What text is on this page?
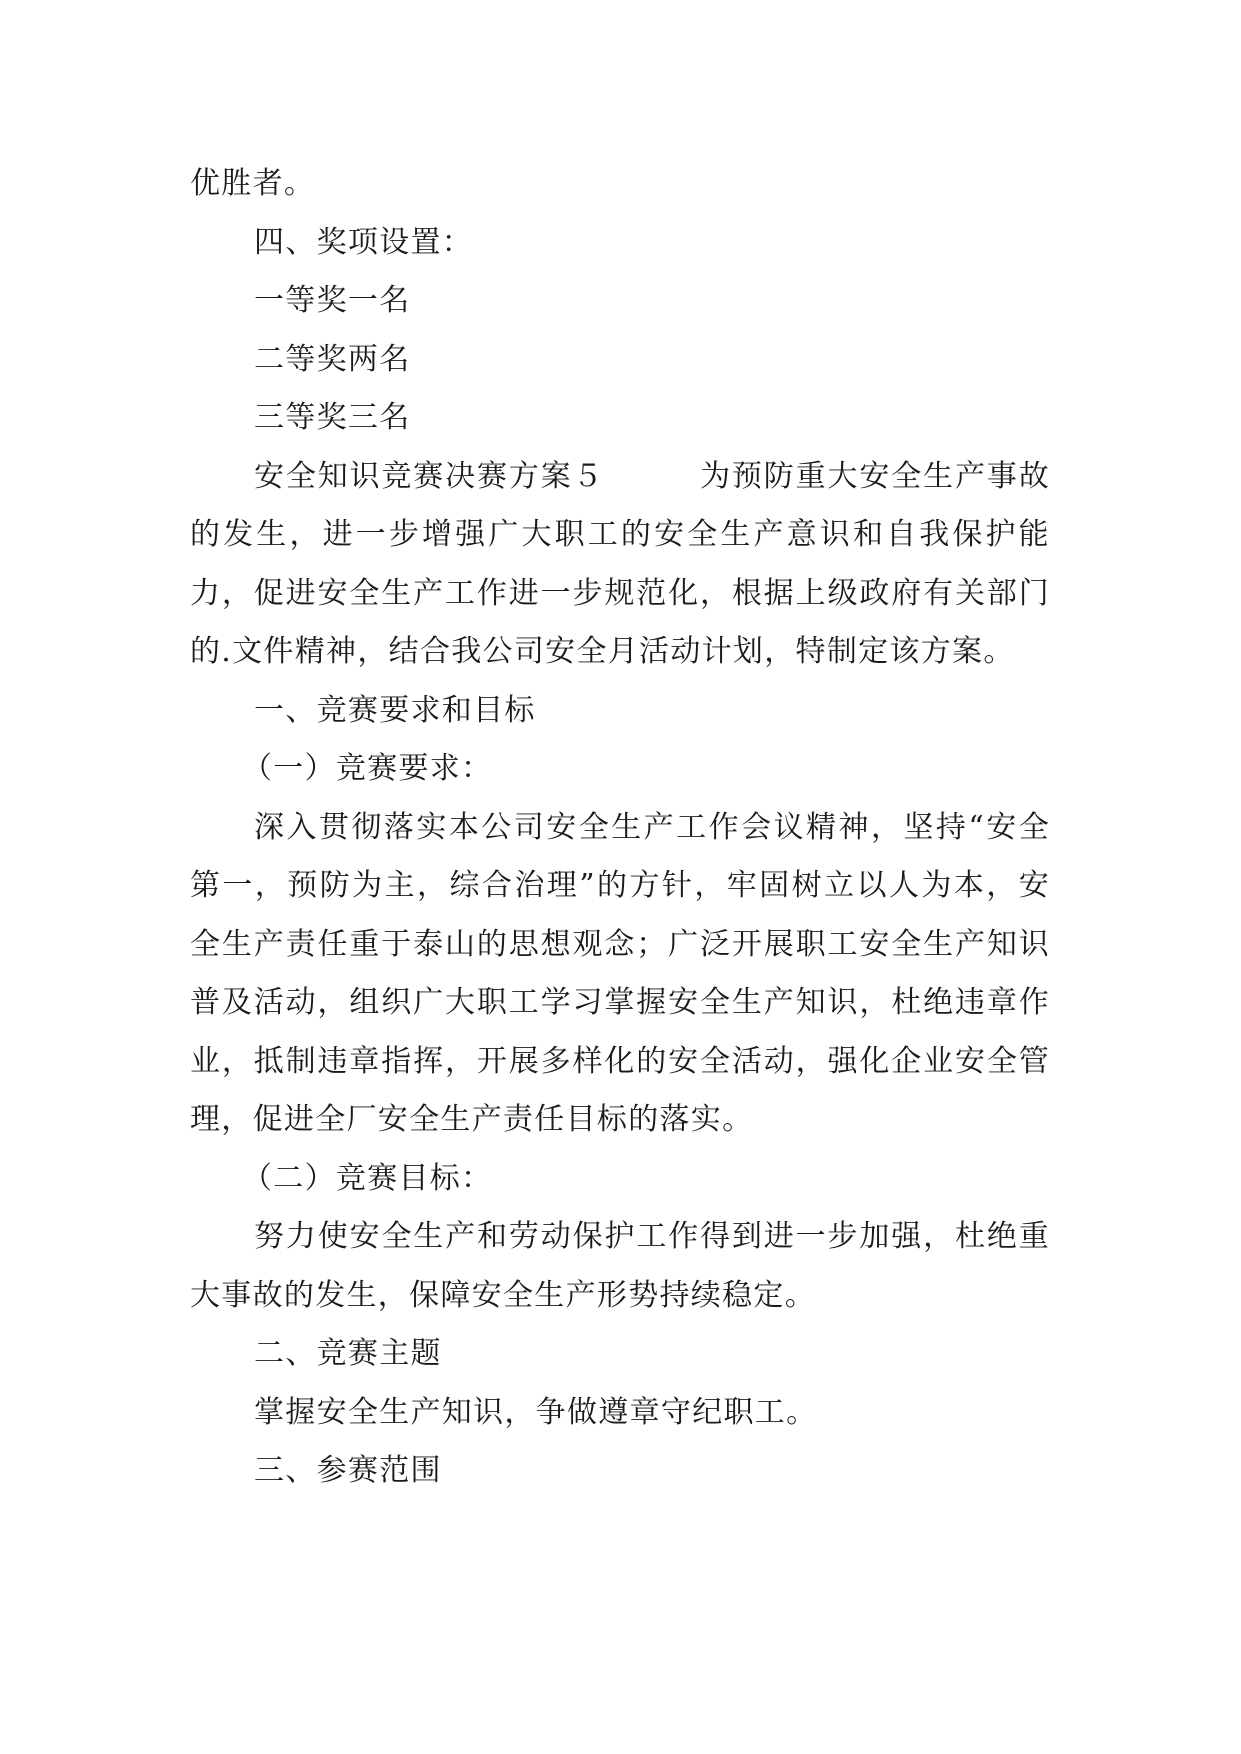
优胜者。

四、奖项设置：

一等奖一名

二等奖两名

三等奖三名

安全知识竞赛决赛方案５　　　为预防重大安全生产事故的发生，进一步增强广大职工的安全生产意识和自我保护能力，促进安全生产工作进一步规范化，根据上级政府有关部门的.文件精神，结合我公司安全月活动计划，特制定该方案。

一、竞赛要求和目标

（一）竞赛要求：

深入贯彻落实本公司安全生产工作会议精神，坚持“安全第一，预防为主，综合治理”的方针，牢固树立以人为本，安全生产责任重于泰山的思想观念；广泛开展职工安全生产知识普及活动，组织广大职工学习掌握安全生产知识，杜绝违章作业，抵制违章指挥，开展多样化的安全活动，强化企业安全管理，促进全厂安全生产责任目标的落实。

（二）竞赛目标：

努力使安全生产和劳动保护工作得到进一步加强，杜绝重大事故的发生，保障安全生产形势持续稳定。

二、竞赛主题

掌握安全生产知识，争做遵章守纪职工。

三、参赛范围
